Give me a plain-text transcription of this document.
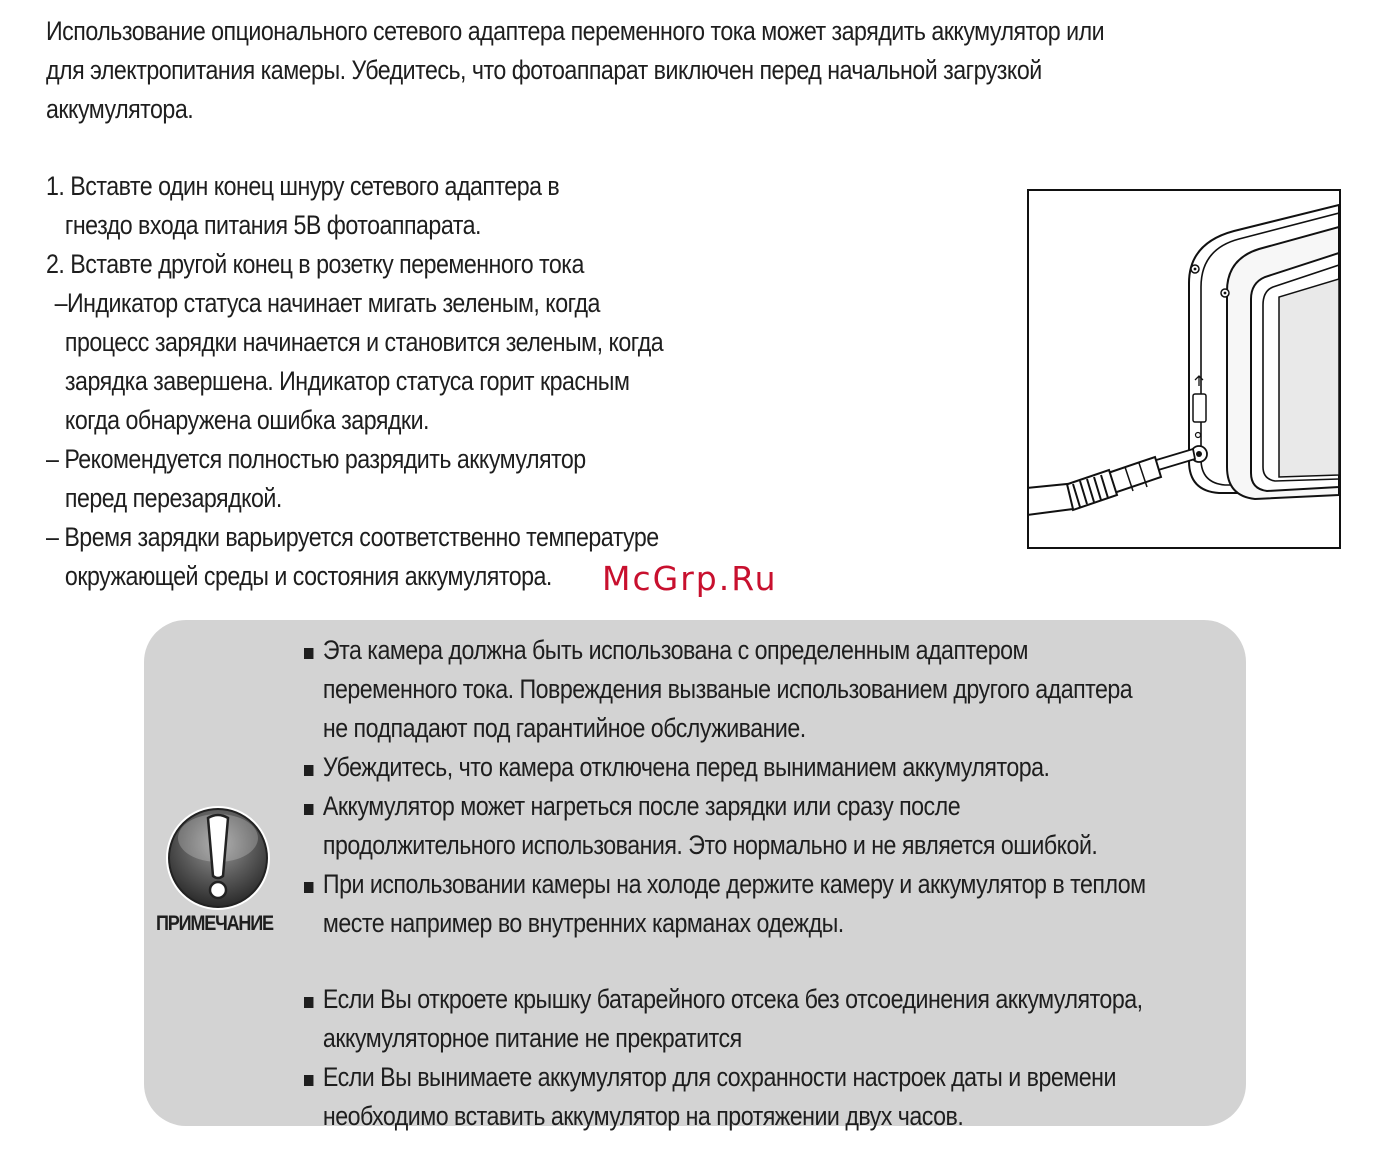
Использование опционального сетевого адаптера переменного тока может зарядить аккумулятор или
для электропитания камеры. Убедитесь, что фотоаппарат виключен перед начальной загрузкой
аккумулятора.
1. Вставте один конец шнуру сетевого адаптера в
гнездо входа питания 5В фотоаппарата.
2. Вставте другой конец в розетку переменного тока
–Индикатор статуса начинает мигать зеленым, когда
процесс зарядки начинается и становится зеленым, когда
зарядка завершена. Индикатор статуса горит красным
когда обнаружена ошибка зарядки.
– Рекомендуется полностью разрядить аккумулятор
перед перезарядкой.
– Время зарядки варьируется соответственно температуре
окружающей среды и состояния аккумулятора.	McGrp.Ru
ПРИМЕЧАНИЕ
Эта камера должна быть использована с определенным адаптером
переменного тока. Повреждения вызваные использованием другого адаптера
не подпадают под гарантийное обслуживание.
Убеждитесь, что камера отключена перед выниманием аккумулятора.
Аккумулятор может нагреться после зарядки или сразу после
продолжительного использования. Это нормально и не является ошибкой.
При использовании камеры на холоде держите камеру и аккумулятор в теплом
месте например во внутренних карманах одежды.
Если Вы откроете крышку батарейного отсека без отсоединения аккумулятора,
аккумуляторное питание не прекратится
Если Вы вынимаете аккумулятор для сохранности настроек даты и времени
необходимо вставить аккумулятор на протяжении двух часов.
